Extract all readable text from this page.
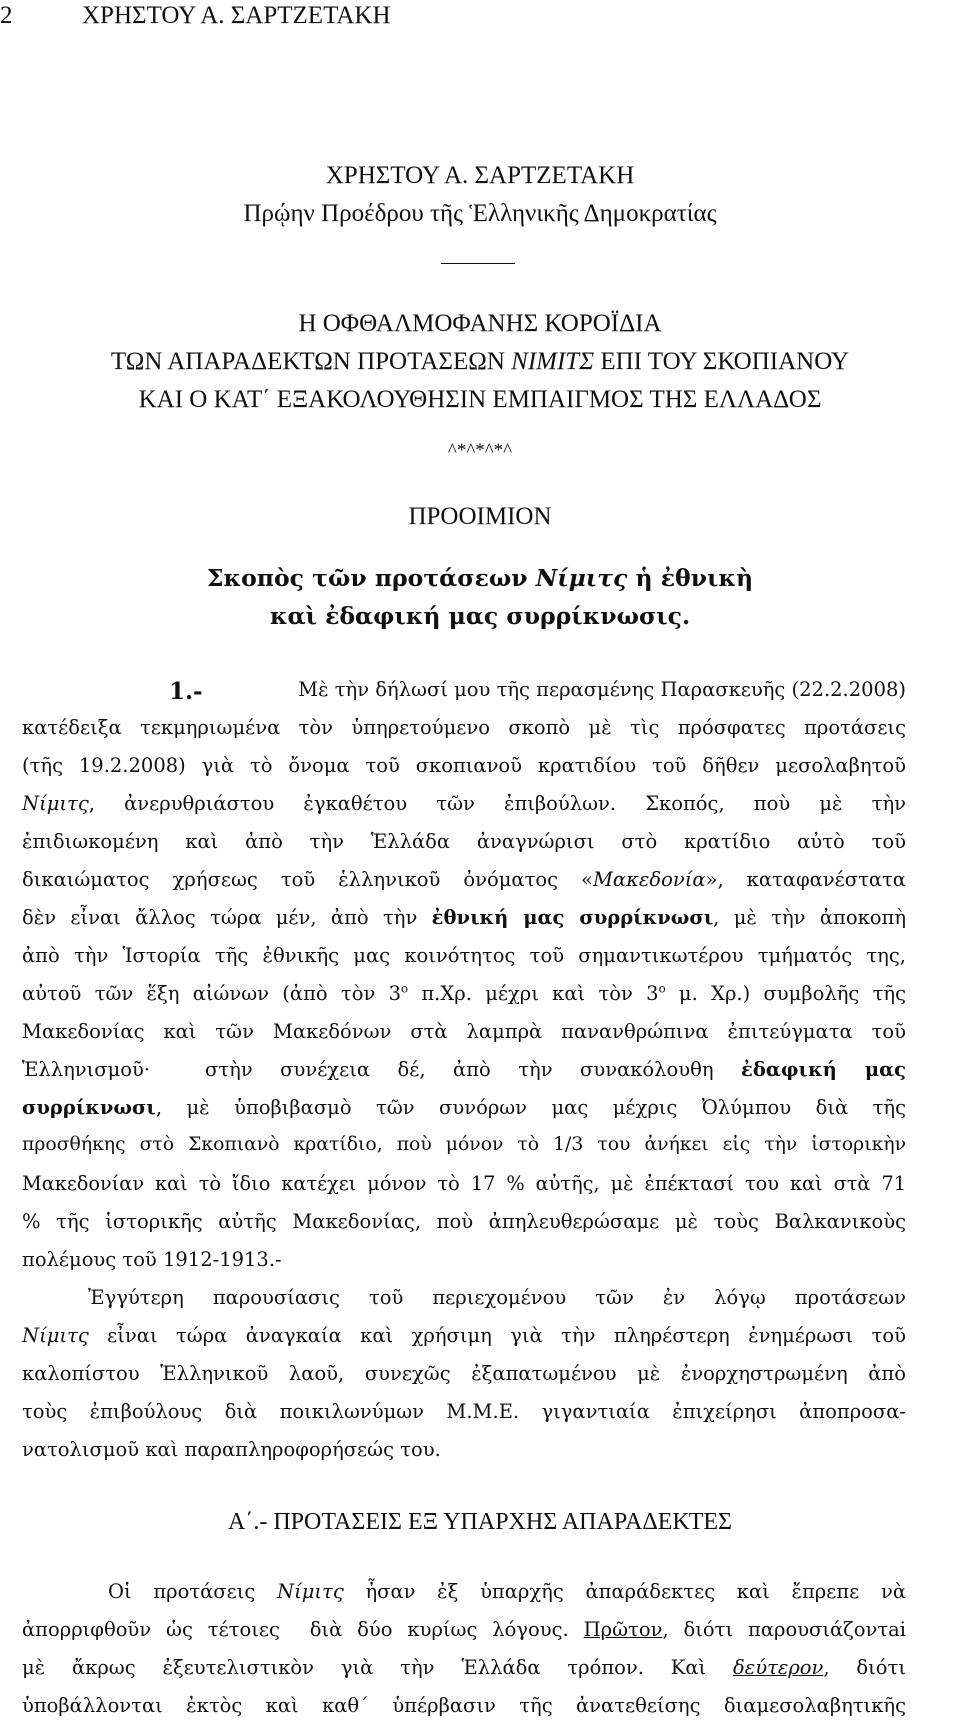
2	ΧΡΗΣΤΟΥ Α. ΣΑΡΤΖΕΤΑΚΗ
ΧΡΗΣΤΟΥ Α. ΣΑΡΤΖΕΤΑΚΗ
Πρῴην Προέδρου τῆς Ἑλληνικῆς Δημοκρατίας
Η ΟΦΘΑΛΜΟΦΑΝΗΣ ΚΟΡΟΪΔΙΑ
ΤΩΝ ΑΠΑΡΑΔΕΚΤΩΝ ΠΡΟΤΑΣΕΩΝ ΝΙΜΙΤΣ ΕΠΙ ΤΟΥ ΣΚΟΠΙΑΝΟΥ
ΚΑΙ Ο ΚΑΤ΄ ΕΞΑΚΟΛΟΥΘΗΣΙΝ ΕΜΠΑΙΓΜΟΣ ΤΗΣ ΕΛΛΑΔΟΣ
^*^*^*^
ΠΡΟΟΙΜΙΟΝ
Σκοπὸς τῶν προτάσεων Νίμιτς ἡ ἐθνικὴ
καὶ ἐδαφική μας συρρίκνωσις.
1.-	Μὲ τὴν δήλωσί μου τῆς περασμένης Παρασκευῆς (22.2.2008)
κατέδειξα τεκμηριωμένα τὸν ὑπηρετούμενο σκοπὸ μὲ τὶς πρόσφατες προτάσεις
(τῆς 19.2.2008) γιὰ τὸ ὄνομα τοῦ σκοπιανοῦ κρατιδίου τοῦ δῆθεν μεσολαβητοῦ
Νίμιτς, ἀνερυθριάστου ἐγκαθέτου τῶν ἐπιβούλων. Σκοπός, ποὺ μὲ τὴν
ἐπιδιωκομένη καὶ ἀπὸ τὴν Ἑλλάδα ἀναγνώρισι στὸ κρατίδιο αὐτὸ τοῦ
δικαιώματος χρήσεως τοῦ ἑλληνικοῦ ὀνόματος «Μακεδονία», καταφανέστατα
δὲν εἶναι ἄλλος τώρα μέν, ἀπὸ τὴν ἐθνική μας συρρίκνωσι, μὲ τὴν ἀποκοπὴ
ἀπὸ τὴν Ἱστορία τῆς ἐθνικῆς μας κοινότητος τοῦ σημαντικωτέρου τμήματός της,
αὐτοῦ τῶν ἕξη αἰώνων (ἀπὸ τὸν $3^o$ π.Χρ. μέχρι καὶ τὸν $3^o$ μ. Χρ.) συμβολῆς τῆς
Μακεδονίας καὶ τῶν Μακεδόνων στὰ λαμπρὰ πανανθρώπινα ἐπιτεύγματα τοῦ
Ἑλληνισμοῦ·  στὴν συνέχεια δέ, ἀπὸ τὴν συνακόλουθη ἐδαφική μας
συρρίκνωσι, μὲ ὑποβιβασμὸ τῶν συνόρων μας μέχρις Ὀλύμπου διὰ τῆς
προσθήκης στὸ Σκοπιανὸ κρατίδιο, ποὺ μόνον τὸ 1/3 του ἀνήκει εἰς τὴν ἱστορικὴν
Μακεδονίαν καὶ τὸ ἴδιο κατέχει μόνον τὸ 17 % αὐτῆς, μὲ ἐπέκτασί του καὶ στὰ 71
% τῆς ἱστορικῆς αὐτῆς Μακεδονίας, ποὺ ἀπηλευθερώσαμε μὲ τοὺς Βαλκανικοὺς
πολέμους τοῦ 1912-1913.-
Ἐγγύτερη παρουσίασις τοῦ περιεχομένου τῶν ἐν λόγῳ προτάσεων
Νίμιτς εἶναι τώρα ἀναγκαία καὶ χρήσιμη γιὰ τὴν πληρέστερη ἐνημέρωσι τοῦ
καλοπίστου Ἑλληνικοῦ λαοῦ, συνεχῶς ἐξαπατωμένου μὲ ἐνορχηστρωμένη ἀπὸ
τοὺς ἐπιβούλους διὰ ποικιλωνύμων Μ.Μ.Ε. γιγαντιαία ἐπιχείρησι ἀποπροσα-
νατολισμοῦ καὶ παραπληροφορήσεώς του.
Α΄.- ΠΡΟΤΑΣΕΙΣ ΕΞ ΥΠΑΡΧΗΣ ΑΠΑΡΑΔΕΚΤΕΣ
Οἱ προτάσεις Νίμιτς ἦσαν ἐξ ὑπαρχῆς ἀπαράδεκτες καὶ ἔπρεπε νὰ
ἀπορριφθοῦν ὡς τέτοιες  διὰ δύο κυρίως λόγους. Πρῶτον, διότι παρουσιάζοντai
μὲ ἄκρως ἐξευτελιστικὸν γιὰ τὴν Ἑλλάδα τρόπον. Καὶ δεύτερον, διότι
ὑποβάλλονται ἐκτὸς καὶ καθ΄ ὑπέρβασιν τῆς ἀνατεθείσης διαμεσολαβητικῆς
